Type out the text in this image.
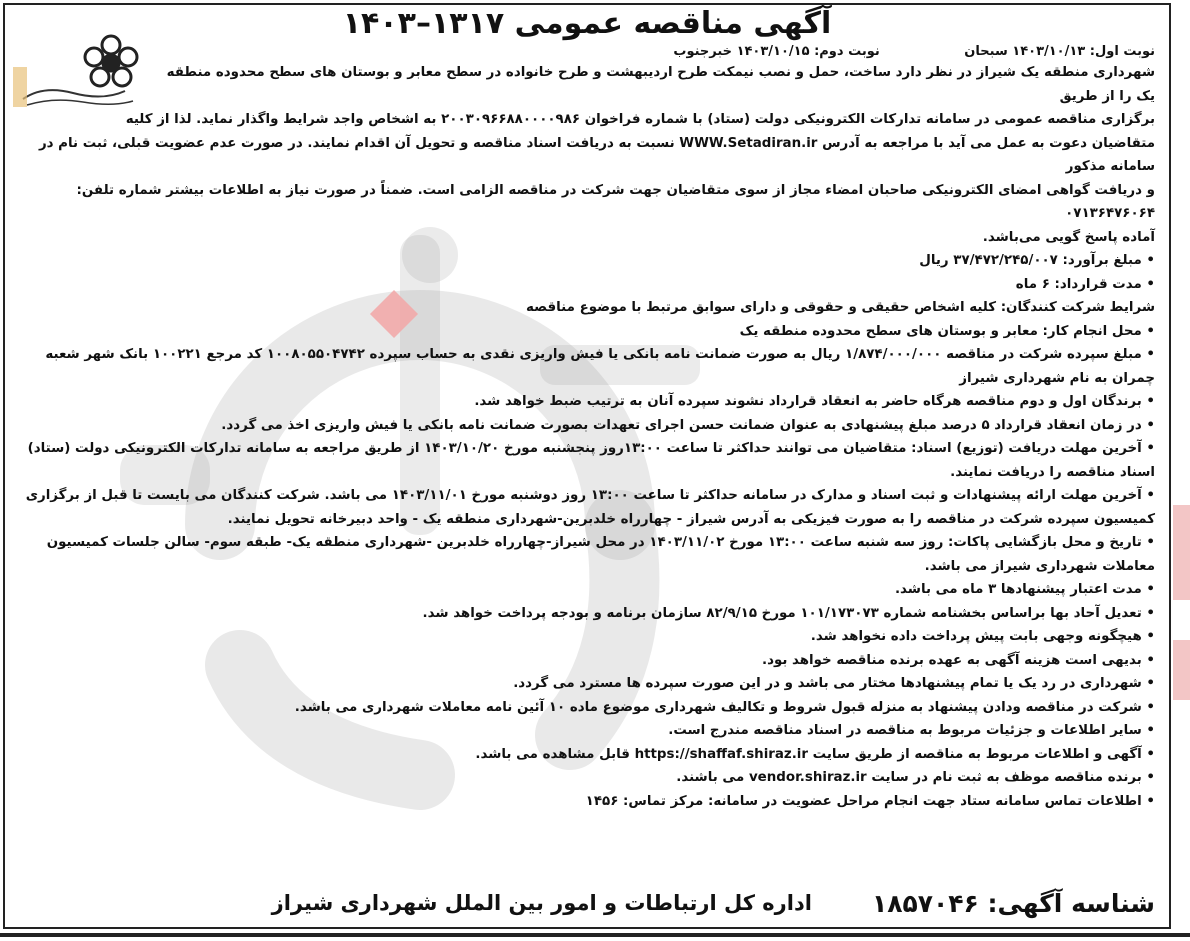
آگهی مناقصه عمومی ۱۳۱۷–۱۴۰۳
نوبت اول: ۱۴۰۳/۱۰/۱۳ سبحان نوبت دوم: ۱۴۰۳/۱۰/۱۵ خبرجنوب

شهرداری منطقه یک شیراز در نظر دارد ساخت، حمل و نصب نیمکت طرح اردیبهشت و طرح خانواده در سطح معابر و بوستان های سطح محدوده منطقه یک را از طریق

برگزاری مناقصه عمومی در سامانه تدارکات الکترونیکی دولت (ستاد) با شماره فراخوان ۲۰۰۳۰۹۶۶۸۸۰۰۰۰۹۸۶ به اشخاص واجد شرایط واگذار نماید. لذا از کلیه

متقاضیان دعوت به عمل می آید با مراجعه به آدرس WWW.Setadiran.ir نسبت به دریافت اسناد مناقصه و تحویل آن اقدام نمایند. در صورت عدم عضویت قبلی، ثبت نام در سامانه مذکور

و دریافت گواهی امضای الکترونیکی صاحبان امضاء مجاز از سوی متقاضیان جهت شرکت در مناقصه الزامی است. ضمناً در صورت نیاز به اطلاعات بیشتر شماره تلفن: ۰۷۱۳۶۴۷۶۰۶۴

آماده پاسخ گویی می‌باشد.

• مبلغ برآورد: ۳۷/۴۷۲/۲۴۵/۰۰۷ ریال
• مدت قرارداد: ۶ ماه
شرایط شرکت کنندگان: کلیه اشخاص حقیقی و حقوقی و دارای سوابق مرتبط با موضوع مناقصه
• محل انجام کار: معابر و بوستان های سطح محدوده منطقه یک
• مبلغ سپرده شرکت در مناقصه ۱/۸۷۴/۰۰۰/۰۰۰ ریال به صورت ضمانت نامه بانکی یا فیش واریزی نقدی به حساب سپرده ۱۰۰۸۰۵۵۰۴۷۴۲ کد مرجع ۱۰۰۲۲۱ بانک شهر شعبه چمران به نام شهرداری شیراز
• برندگان اول و دوم مناقصه هرگاه حاضر به انعقاد قرارداد نشوند سپرده آنان به ترتیب ضبط خواهد شد.
• در زمان انعقاد قرارداد ۵ درصد مبلغ پیشنهادی به عنوان ضمانت حسن اجرای تعهدات بصورت ضمانت نامه بانکی یا فیش واریزی اخذ می گردد.
• آخرین مهلت دریافت (توزیع) اسناد: متقاضیان می توانند حداکثر تا ساعت ۱۳:۰۰روز پنجشنبه مورخ ۱۴۰۳/۱۰/۲۰ از طریق مراجعه به سامانه تدارکات الکترونیکی دولت (ستاد) اسناد مناقصه را دریافت نمایند.
• آخرین مهلت ارائه پیشنهادات و ثبت اسناد و مدارک در سامانه حداکثر تا ساعت ۱۳:۰۰ روز دوشنبه مورخ ۱۴۰۳/۱۱/۰۱ می باشد. شرکت کنندگان می بایست تا قبل از برگزاری کمیسیون سپرده شرکت در مناقصه را به صورت فیزیکی به آدرس شیراز - چهارراه خلدبرین-شهرداری منطقه یک - واحد دبیرخانه تحویل نمایند.
• تاریخ و محل بازگشایی پاکات: روز سه شنبه ساعت ۱۳:۰۰ مورخ ۱۴۰۳/۱۱/۰۲ در محل شیراز-چهارراه خلدبرین -شهرداری منطقه یک- طبقه سوم- سالن جلسات کمیسیون معاملات شهرداری شیراز می باشد.
• مدت اعتبار پیشنهادها ۳ ماه می باشد.
• تعدیل آحاد بها براساس بخشنامه شماره ۱۰۱/۱۷۳۰۷۳ مورخ ۸۲/۹/۱۵ سازمان برنامه و بودجه پرداخت خواهد شد.
• هیچگونه وجهی بابت پیش پرداخت داده نخواهد شد.
• بدیهی است هزینه آگهی به عهده برنده مناقصه خواهد بود.
• شهرداری در رد یک یا تمام پیشنهادها مختار می باشد و در این صورت سپرده ها مسترد می گردد.
• شرکت در مناقصه ودادن پیشنهاد به منزله قبول شروط و تکالیف شهرداری موضوع ماده ۱۰ آئین نامه معاملات شهرداری می باشد.
• سایر اطلاعات و جزئیات مربوط به مناقصه در اسناد مناقصه مندرج است.
• آگهی و اطلاعات مربوط به مناقصه از طریق سایت https://shaffaf.shiraz.ir قابل مشاهده می باشد.
• برنده مناقصه موظف به ثبت نام در سایت vendor.shiraz.ir می باشند.
• اطلاعات تماس سامانه ستاد جهت انجام مراحل عضویت در سامانه: مرکز تماس: ۱۴۵۶
شناسه آگهی: ۱۸۵۷۰۴۶
اداره کل ارتباطات و امور بین الملل شهرداری شیراز
